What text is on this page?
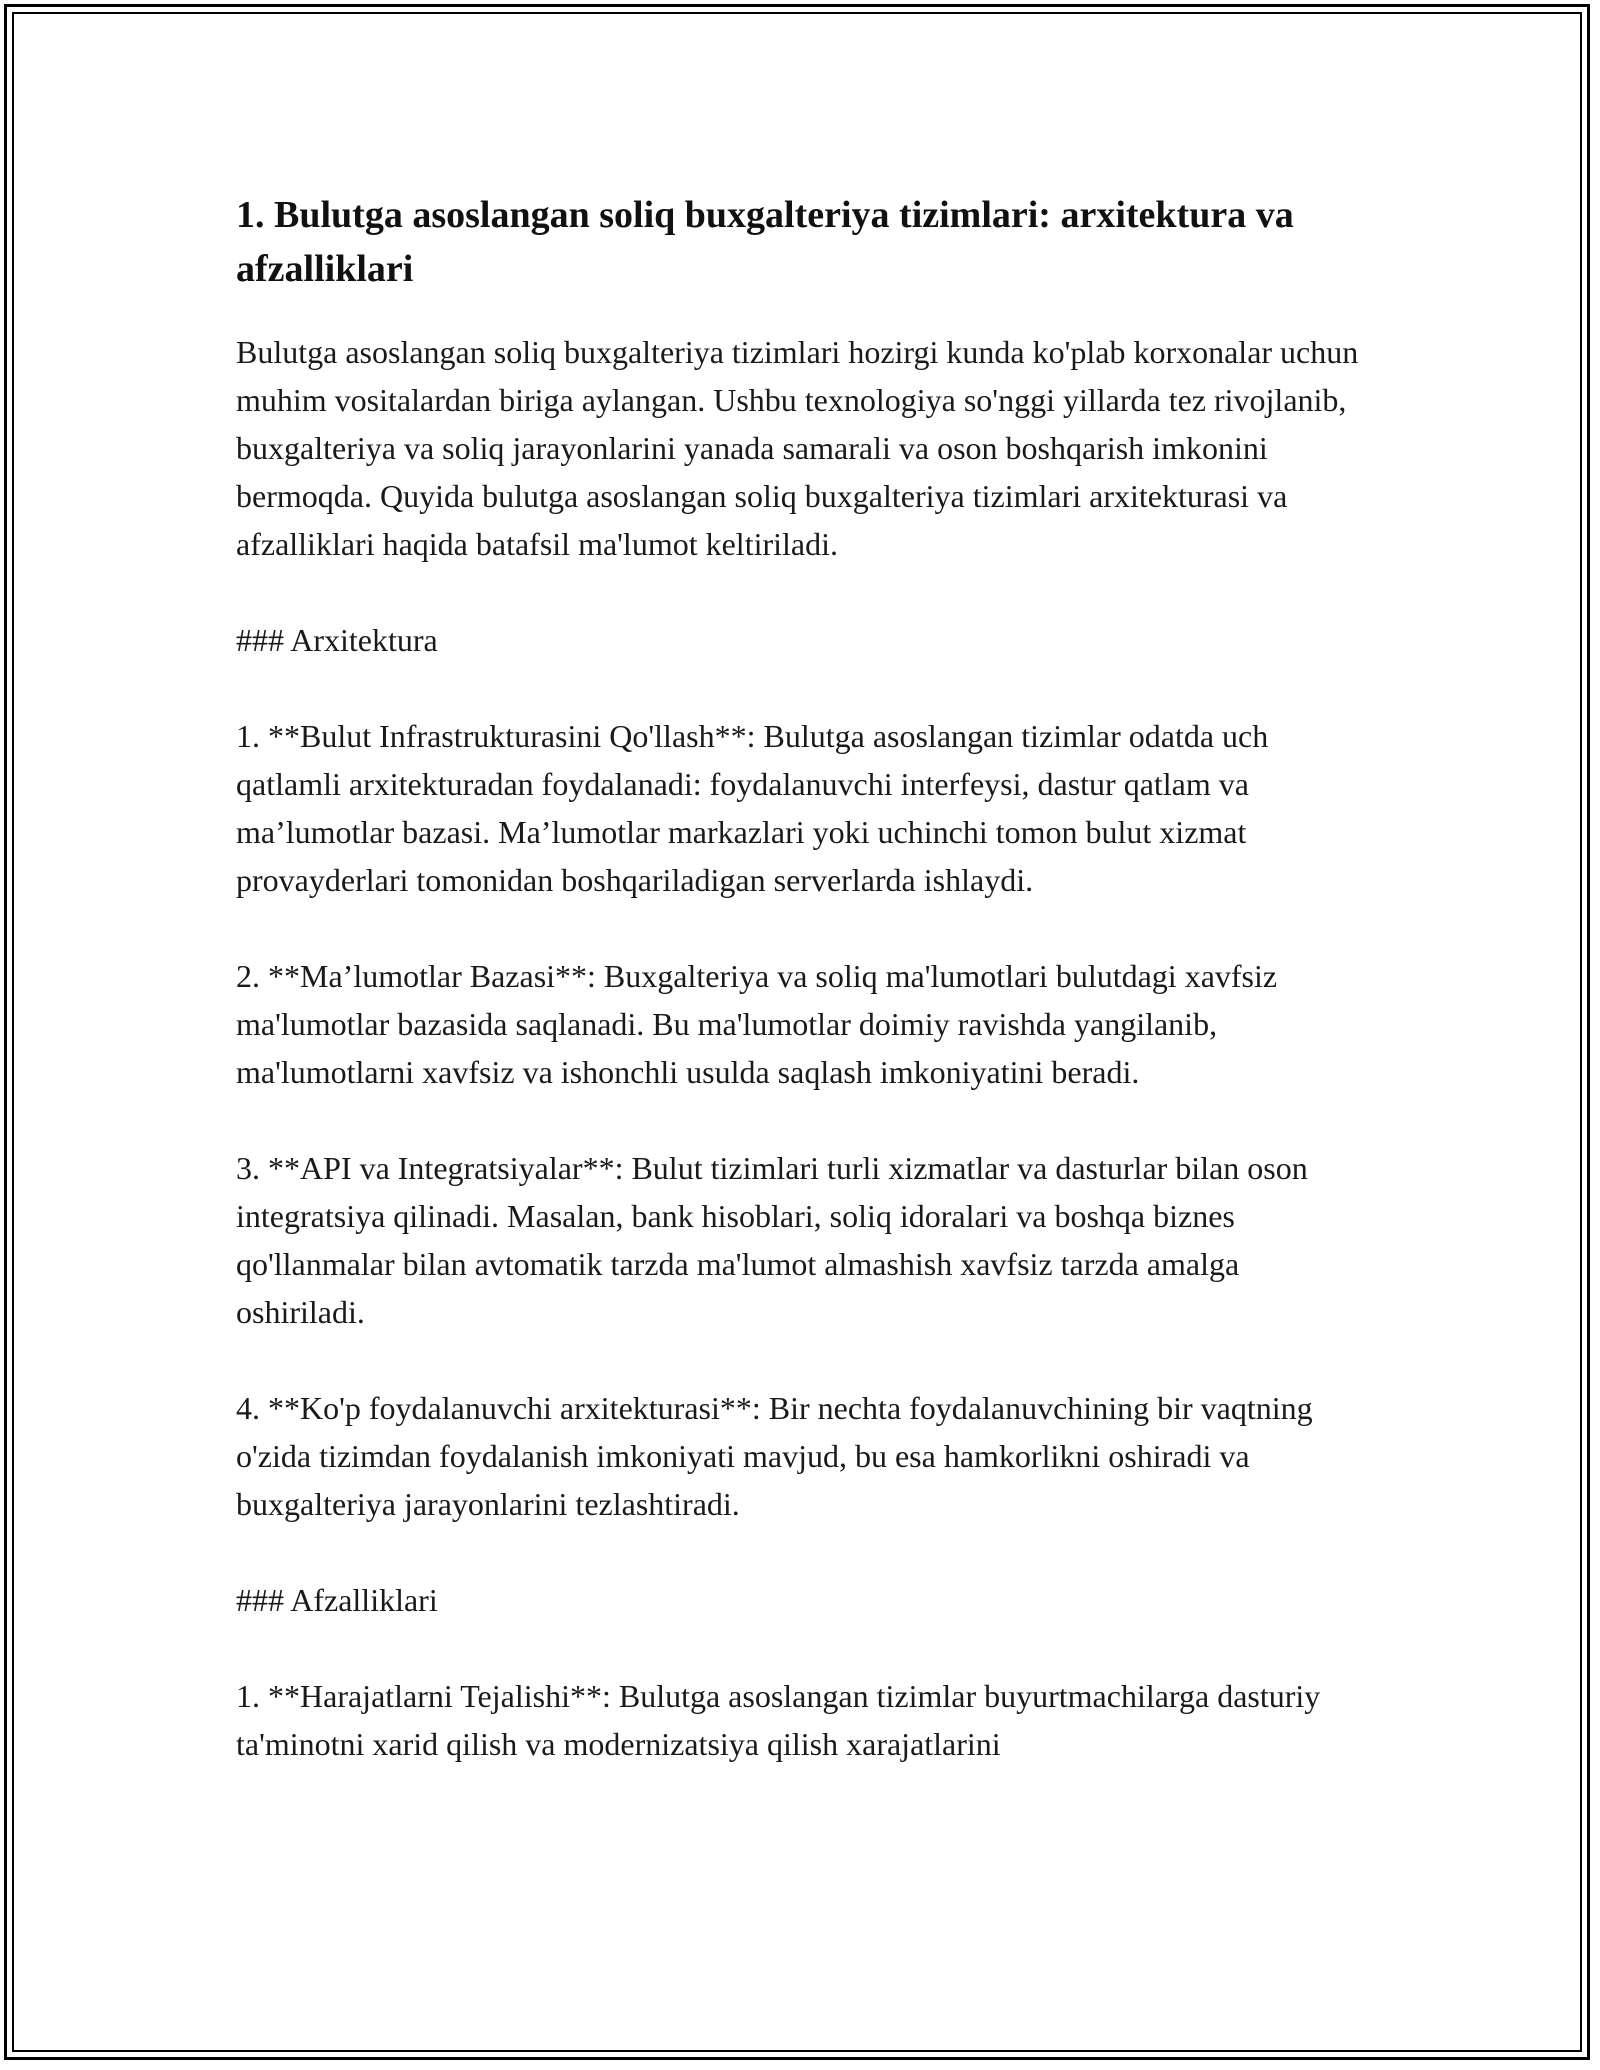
1. Bulutga asoslangan soliq buxgalteriya tizimlari: arxitektura va afzalliklari

Bulutga asoslangan soliq buxgalteriya tizimlari hozirgi kunda ko'plab korxonalar uchun muhim vositalardan biriga aylangan. Ushbu texnologiya so'nggi yillarda tez rivojlanib, buxgalteriya va soliq jarayonlarini yanada samarali va oson boshqarish imkonini bermoqda. Quyida bulutga asoslangan soliq buxgalteriya tizimlari arxitekturasi va afzalliklari haqida batafsil ma'lumot keltiriladi.

### Arxitektura

1. **Bulut Infrastrukturasini Qo'llash**: Bulutga asoslangan tizimlar odatda uch qatlamli arxitekturadan foydalanadi: foydalanuvchi interfeysi, dastur qatlam va ma’lumotlar bazasi. Ma’lumotlar markazlari yoki uchinchi tomon bulut xizmat provayderlari tomonidan boshqariladigan serverlarda ishlaydi.

2. **Ma’lumotlar Bazasi**: Buxgalteriya va soliq ma'lumotlari bulutdagi xavfsiz ma'lumotlar bazasida saqlanadi. Bu ma'lumotlar doimiy ravishda yangilanib, ma'lumotlarni xavfsiz va ishonchli usulda saqlash imkoniyatini beradi.

3. **API va Integratsiyalar**: Bulut tizimlari turli xizmatlar va dasturlar bilan oson integratsiya qilinadi. Masalan, bank hisoblari, soliq idoralari va boshqa biznes qo'llanmalar bilan avtomatik tarzda ma'lumot almashish xavfsiz tarzda amalga oshiriladi.

4. **Ko'p foydalanuvchi arxitekturasi**: Bir nechta foydalanuvchining bir vaqtning o'zida tizimdan foydalanish imkoniyati mavjud, bu esa hamkorlikni oshiradi va buxgalteriya jarayonlarini tezlashtiradi.

### Afzalliklari

1. **Harajatlarni Tejalishi**: Bulutga asoslangan tizimlar buyurtmachilarga dasturiy ta'minotni xarid qilish va modernizatsiya qilish xarajatlarini
